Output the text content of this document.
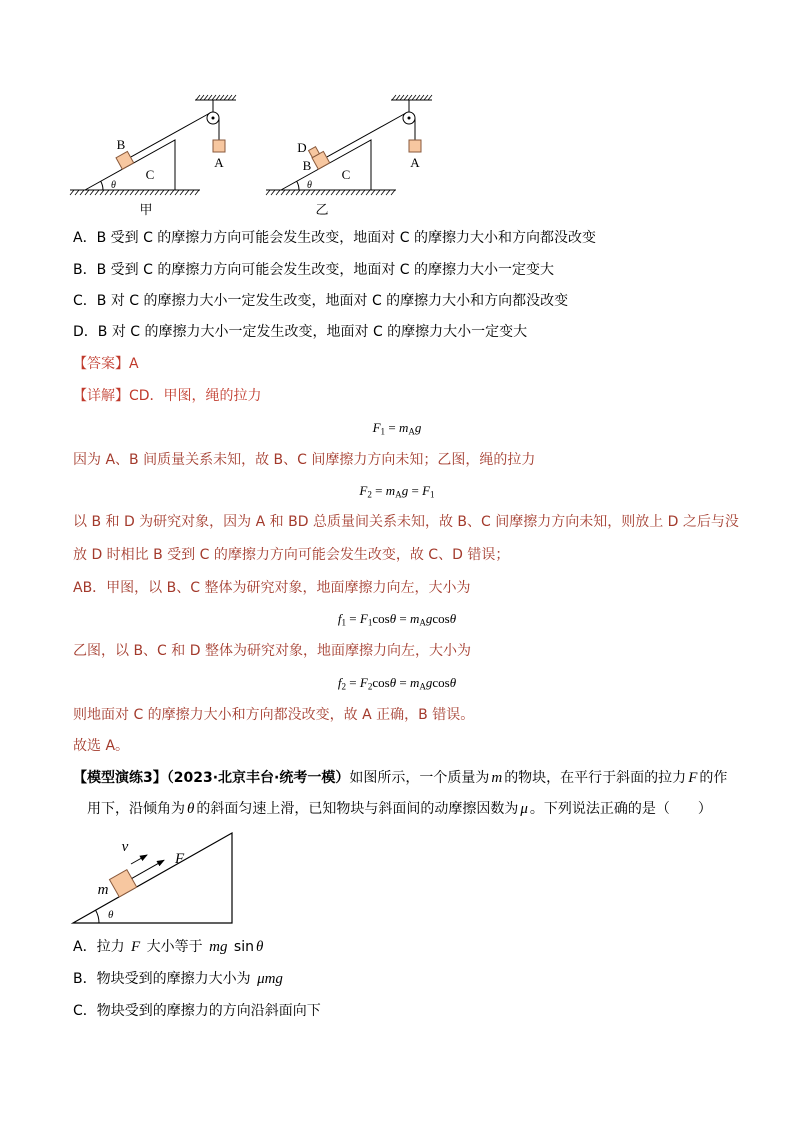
A
B
θ
C
甲
A
D
B
θ
C
乙
A．B 受到 C 的摩擦力方向可能会发生改变，地面对 C 的摩擦力大小和方向都没改变
B．B 受到 C 的摩擦力方向可能会发生改变，地面对 C 的摩擦力大小一定变大
C．B 对 C 的摩擦力大小一定发生改变，地面对 C 的摩擦力大小和方向都没改变
D．B 对 C 的摩擦力大小一定发生改变，地面对 C 的摩擦力大小一定变大
【答案】A
【详解】CD．甲图，绳的拉力
$F_1 = m_Ag$
因为 A、B 间质量关系未知，故 B、C 间摩擦力方向未知；乙图，绳的拉力
$F_2 = m_Ag = F_1$
以 B 和 D 为研究对象，因为 A 和 BD 总质量间关系未知，故 B、C 间摩擦力方向未知，则放上 D 之后与没
放 D 时相比 B 受到 C 的摩擦力方向可能会发生改变，故 C、D 错误；
AB．甲图，以 B、C 整体为研究对象，地面摩擦力向左，大小为
$f_1 = F_1\cos\theta = m_Agcos\theta$
乙图，以 B、C 和 D 整体为研究对象，地面摩擦力向左，大小为
$f_2 = F_2\cos\theta = m_Agcos\theta$
则地面对 C 的摩擦力大小和方向都没改变，故 A 正确，B 错误。
故选 A。
【模型演练3】（2023·北京丰台·统考一模）如图所示，一个质量为 m 的物块，在平行于斜面的拉力 F 的作
用下，沿倾角为 θ 的斜面匀速上滑，已知物块与斜面间的动摩擦因数为 μ 。下列说法正确的是（　　）
θ
m
F
v
A．拉力 F 大小等于 mg sin θ
B．物块受到的摩擦力大小为 μmg
C．物块受到的摩擦力的方向沿斜面向下
